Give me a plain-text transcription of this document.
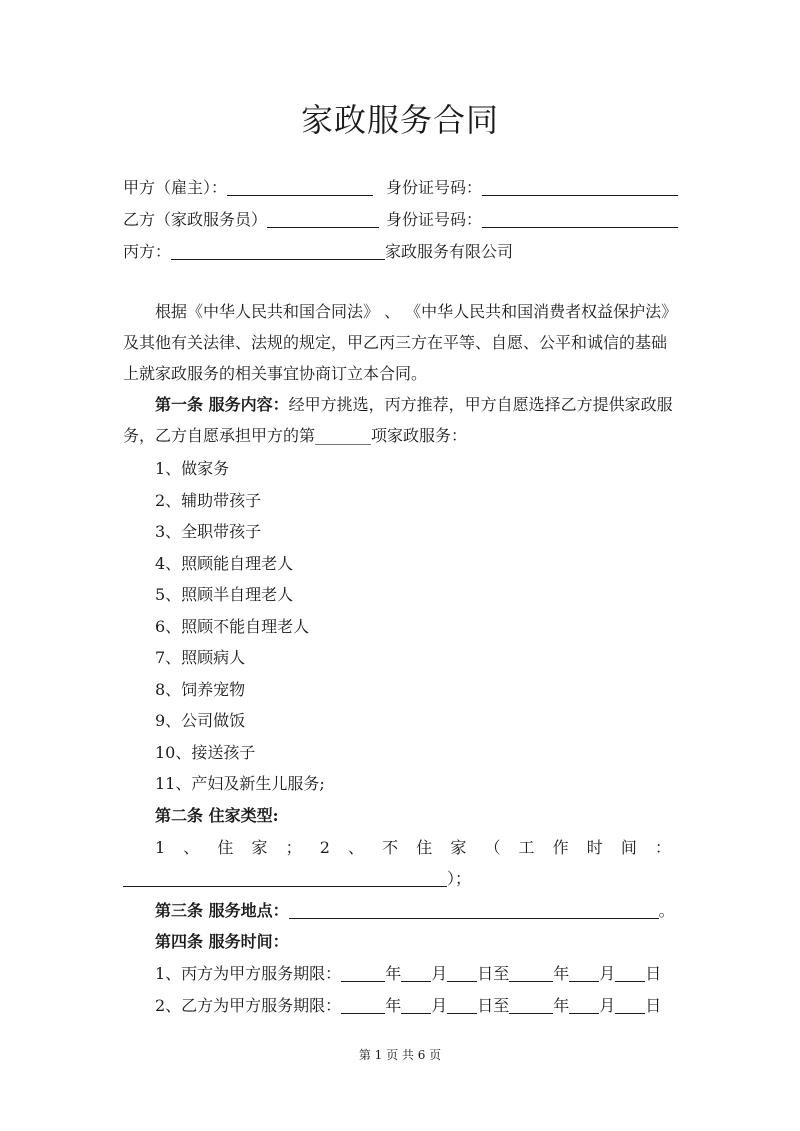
家政服务合同
甲方（雇主）：	身份证号码：
乙方（家政服务员）	身份证号码：
丙方：	家政服务有限公司
根据《中华人民共和国合同法》 、 《中华人民共和国消费者权益保护法》及其他有关法律、法规的规定，甲乙丙三方在平等、自愿、公平和诚信的基础上就家政服务的相关事宜协商订立本合同。
第一条 服务内容：经甲方挑选，丙方推荐，甲方自愿选择乙方提供家政服务，乙方自愿承担甲方的第_______项家政服务：
1、做家务
2、辅助带孩子
3、全职带孩子
4、照顾能自理老人
5、照顾半自理老人
6、照顾不能自理老人
7、照顾病人
8、饲养宠物
9、公司做饭
10、接送孩子
11、产妇及新生儿服务;
第二条 住家类型:
1 、 住 家 ； 2 、 不 住 家 （ 工 作 时 间 ：
）；
第三条 服务地点：	。
第四条 服务时间：
1、丙方为甲方服务期限：	年 月 日至	年 月 日
2、乙方为甲方服务期限：	年 月 日至	年 月 日
第 1 页 共 6 页
